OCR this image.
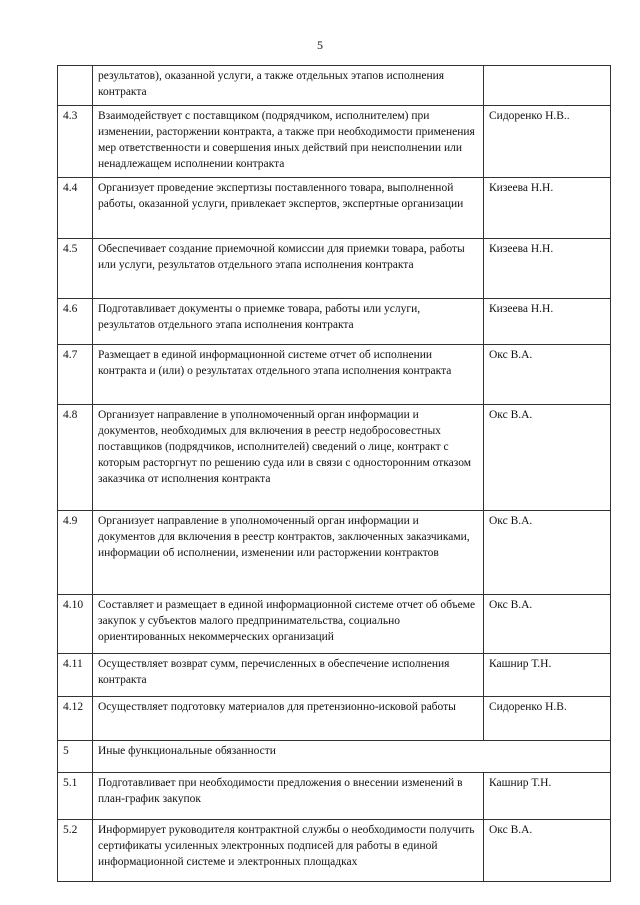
5
	результатов), оказанной услуги, а также отдельных этапов исполнения контракта	
4.3	Взаимодействует с поставщиком (подрядчиком, исполнителем) при изменении, расторжении контракта, а также при необходимости применения мер ответственности и совершения иных действий при неисполнении или ненадлежащем исполнении контракта	Сидоренко Н.В..
4.4	Организует проведение экспертизы поставленного товара, выполненной работы, оказанной услуги, привлекает экспертов, экспертные организации	Кизеева Н.Н.
4.5	Обеспечивает создание приемочной комиссии для приемки товара, работы или услуги, результатов отдельного этапа исполнения контракта	Кизеева Н.Н.
4.6	Подготавливает документы о приемке товара, работы или услуги, результатов отдельного этапа исполнения контракта	Кизеева Н.Н.
4.7	Размещает в единой информационной системе отчет об исполнении контракта и (или) о результатах отдельного этапа исполнения контракта	Окс В.А.
4.8	Организует направление в уполномоченный орган информации и документов, необходимых для включения в реестр недобросовестных поставщиков (подрядчиков, исполнителей) сведений о лице, контракт с которым расторгнут по решению суда или в связи с односторонним отказом заказчика от исполнения контракта	Окс В.А.
4.9	Организует направление в уполномоченный орган информации и документов для включения в реестр контрактов, заключенных заказчиками, информации об исполнении, изменении или расторжении контрактов	Окс В.А.
4.10	Составляет и размещает в единой информационной системе отчет об объеме закупок у субъектов малого предпринимательства, социально ориентированных некоммерческих организаций	Окс В.А.
4.11	Осуществляет возврат сумм, перечисленных в обеспечение исполнения контракта	Кашнир Т.Н.
4.12	Осуществляет подготовку материалов для претензионно-исковой работы	Сидоренко Н.В.
5	Иные функциональные обязанности	
5.1	Подготавливает при необходимости предложения о внесении изменений в план-график закупок	Кашнир Т.Н.
5.2	Информирует руководителя контрактной службы о необходимости получить сертификаты усиленных электронных подписей для работы в единой информационной системе и электронных площадках	Окс В.А.
